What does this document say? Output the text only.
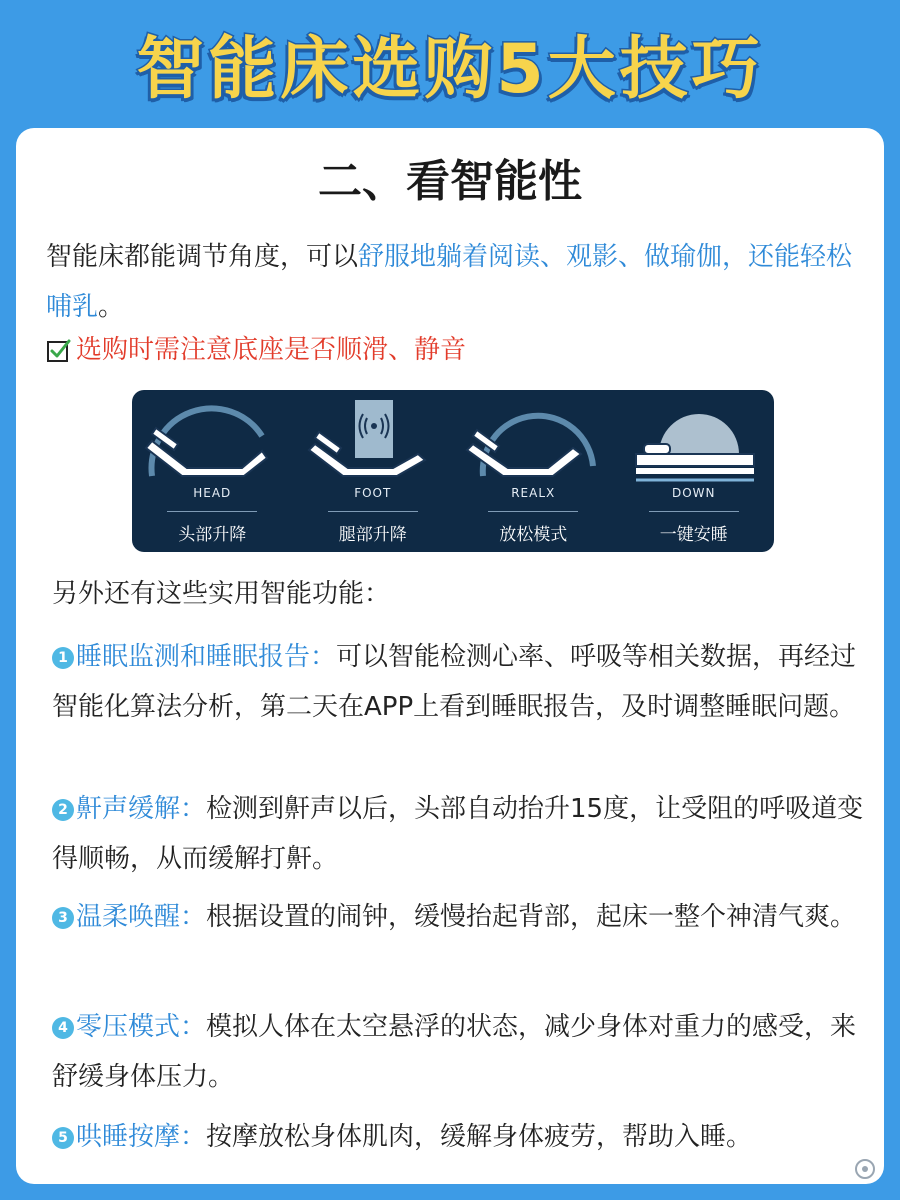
智能床选购5大技巧
二、看智能性
智能床都能调节角度，可以舒服地躺着阅读、观影、做瑜伽，还能轻松哺乳。
选购时需注意底座是否顺滑、静音
HEAD
头部升降
FOOT
腿部升降
REALX
放松模式
DOWN
一键安睡
另外还有这些实用智能功能：
1 睡眠监测和睡眠报告：可以智能检测心率、呼吸等相关数据，再经过智能化算法分析，第二天在APP上看到睡眠报告，及时调整睡眠问题。
2 鼾声缓解：检测到鼾声以后，头部自动抬升15度，让受阻的呼吸道变得顺畅，从而缓解打鼾。
3 温柔唤醒：根据设置的闹钟，缓慢抬起背部，起床一整个神清气爽。
4 零压模式：模拟人体在太空悬浮的状态，减少身体对重力的感受，来舒缓身体压力。
5 哄睡按摩：按摩放松身体肌肉，缓解身体疲劳，帮助入睡。
